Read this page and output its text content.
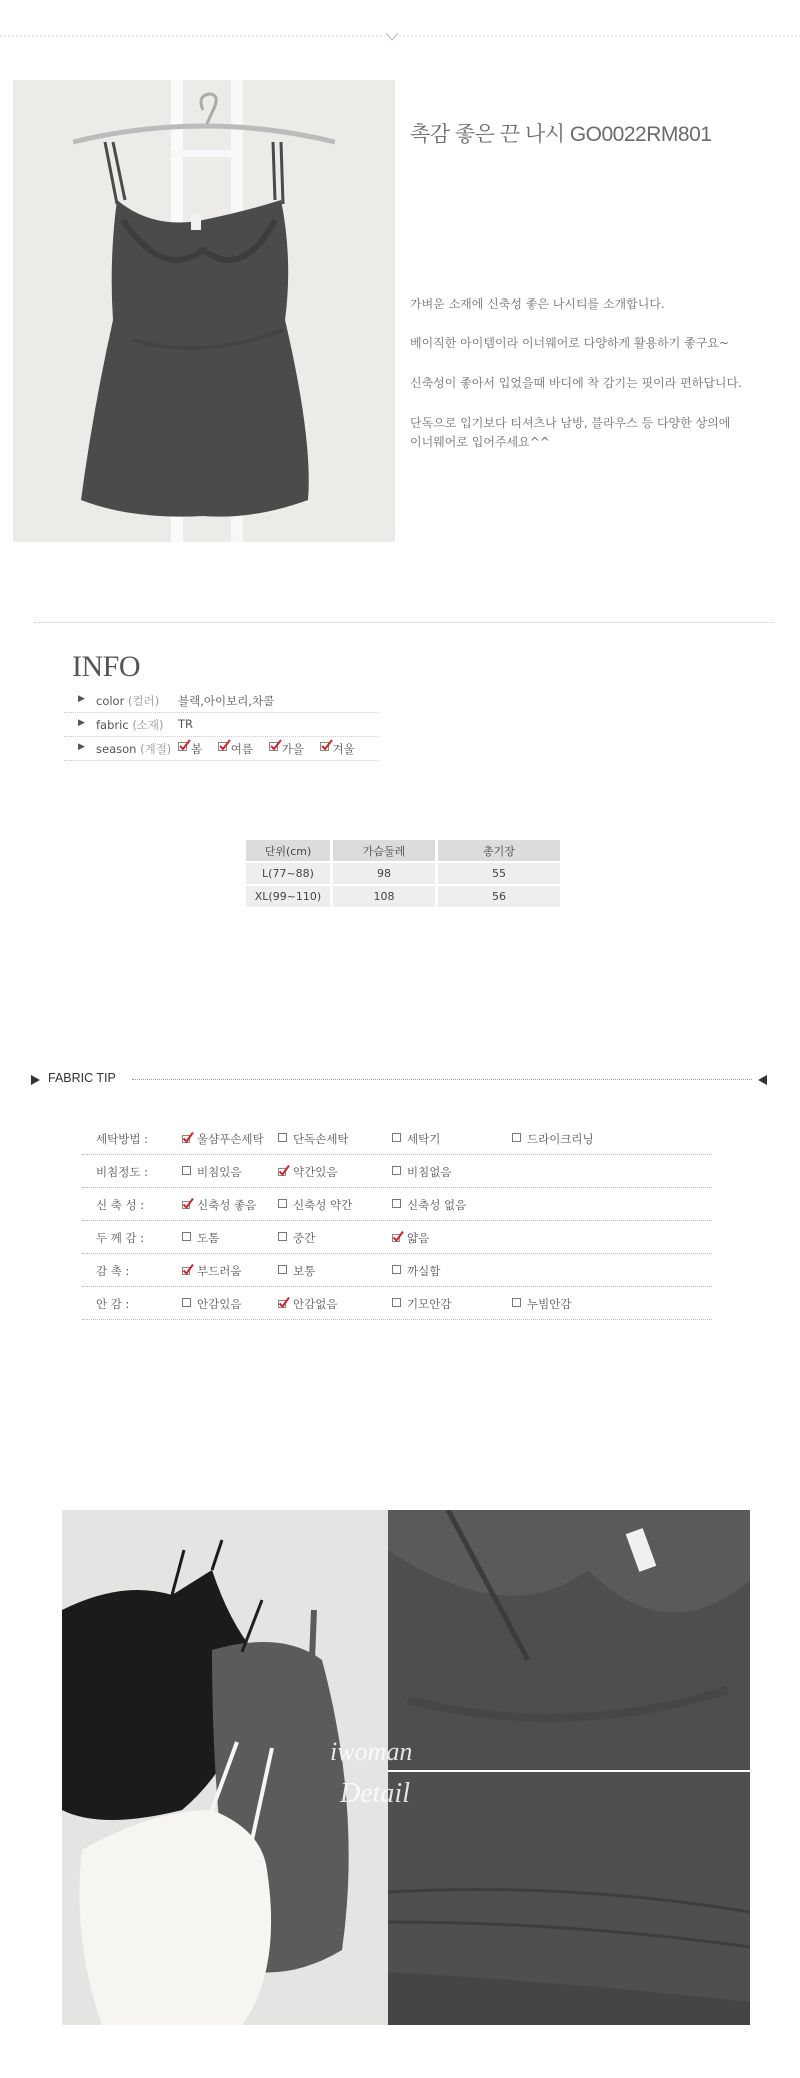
촉감 좋은 끈 나시 GO0022RM801
가벼운 소재에 신축성 좋은 나시티를 소개합니다.
베이직한 아이템이라 이너웨어로 다양하게 활용하기 좋구요~
신축성이 좋아서 입었을때 바디에 착 감기는 핏이라 편하답니다.
단독으로 입기보다 티셔츠나 남방, 블라우스 등 다양한 상의에
이너웨어로 입어주세요^^
INFO
▶ color (컬러) 블랙,아이보리,차콜
▶ fabric (소재) TR
▶ season (계절)	봄 여름 가을 겨울
단위(cm)	가슴둘레	총기장
L(77~88)	98	55
XL(99~110)	108	56
FABRIC TIP
세탁방법 :	울샴푸손세탁	단독손세탁	세탁기	드라이크리닝
비침정도 :	비침있음	약간있음	비침없음
신 축 성 :	신축성 좋음	신축성 약간	신축성 없음
두 께 감 :	도톰	중간	얇음
감 촉 :	부드러움	보통	까실함
안 감 :	안감있음	안감없음	기모안감	누빔안감
iwoman
Detail
